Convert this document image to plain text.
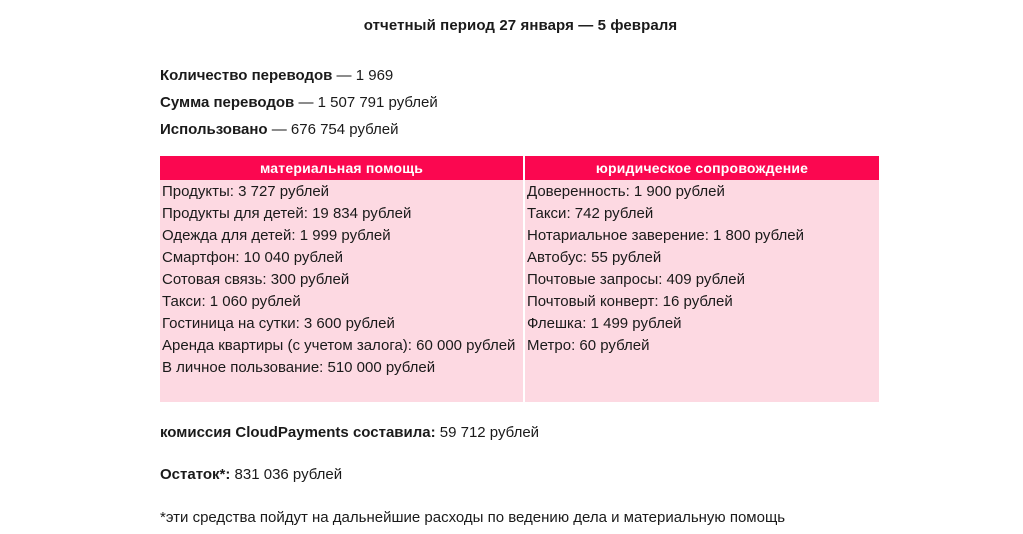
отчетный период 27 января — 5 февраля
Количество переводов — 1 969
Сумма переводов — 1 507 791 рублей
Использовано — 676 754 рублей
материальная помощь
Продукты: 3 727 рублей
Продукты для детей: 19 834 рублей
Одежда для детей: 1 999 рублей
Смартфон: 10 040 рублей
Сотовая связь: 300 рублей
Такси: 1 060 рублей
Гостиница на сутки: 3 600 рублей
Аренда квартиры (с учетом залога): 60 000 рублей
В личное пользование: 510 000 рублей
юридическое сопровождение
Доверенность: 1 900 рублей
Такси: 742 рублей
Нотариальное заверение: 1 800 рублей
Автобус: 55 рублей
Почтовые запросы: 409 рублей
Почтовый конверт: 16 рублей
Флешка: 1 499 рублей
Метро: 60 рублей
комиссия CloudPayments составила: 59 712 рублей
Остаток*: 831 036 рублей
*эти средства пойдут на дальнейшие расходы по ведению дела и материальную помощь
